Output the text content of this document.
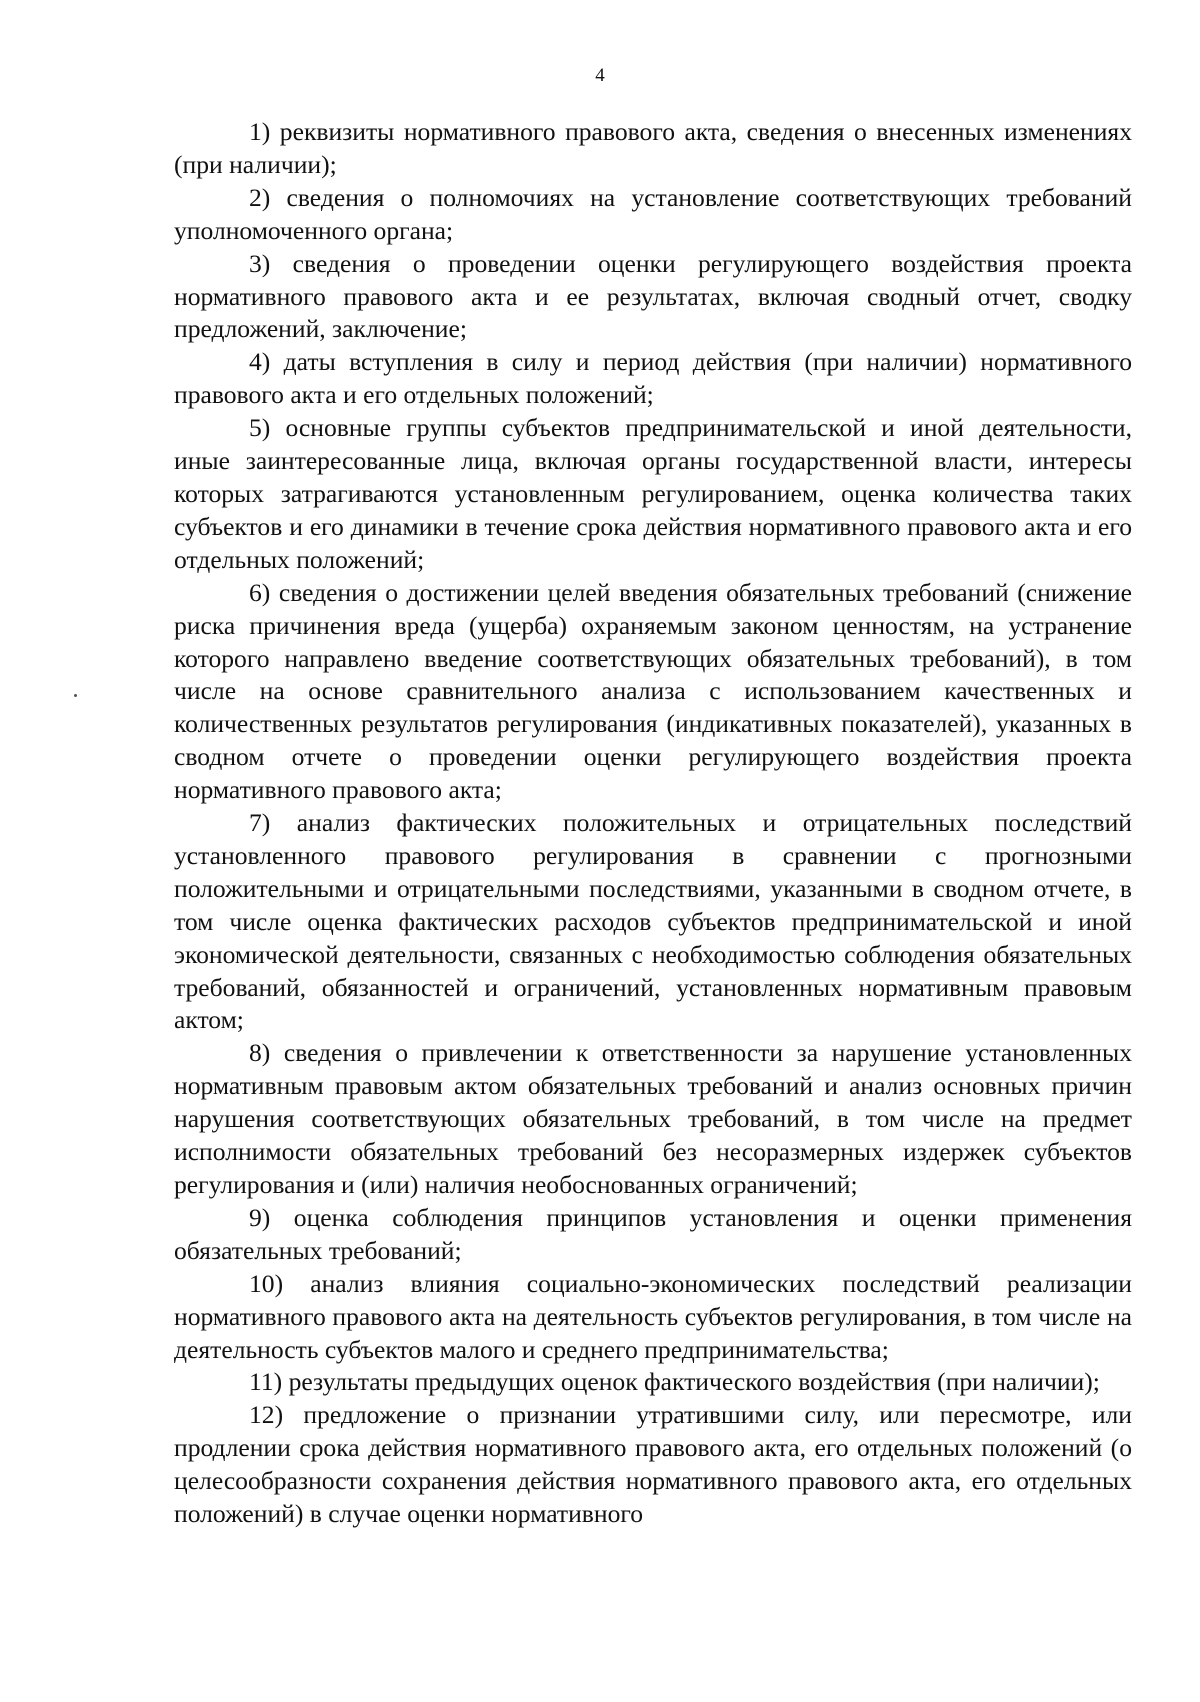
4

1) реквизиты нормативного правового акта, сведения о внесенных изменениях (при наличии);

2) сведения о полномочиях на установление соответствующих требований уполномоченного органа;

3) сведения о проведении оценки регулирующего воздействия проекта нормативного правового акта и ее результатах, включая сводный отчет, сводку предложений, заключение;

4) даты вступления в силу и период действия (при наличии) нормативного правового акта и его отдельных положений;

5) основные группы субъектов предпринимательской и иной деятельности, иные заинтересованные лица, включая органы государственной власти, интересы которых затрагиваются установленным регулированием, оценка количества таких субъектов и его динамики в течение срока действия нормативного правового акта и его отдельных положений;

6) сведения о достижении целей введения обязательных требований (снижение риска причинения вреда (ущерба) охраняемым законом ценностям, на устранение которого направлено введение соответствующих обязательных требований), в том числе на основе сравнительного анализа с использованием качественных и количественных результатов регулирования (индикативных показателей), указанных в сводном отчете о проведении оценки регулирующего воздействия проекта нормативного правового акта;

7) анализ фактических положительных и отрицательных последствий установленного правового регулирования в сравнении с прогнозными положительными и отрицательными последствиями, указанными в сводном отчете, в том числе оценка фактических расходов субъектов предпринимательской и иной экономической деятельности, связанных с необходимостью соблюдения обязательных требований, обязанностей и ограничений, установленных нормативным правовым актом;

8) сведения о привлечении к ответственности за нарушение установленных нормативным правовым актом обязательных требований и анализ основных причин нарушения соответствующих обязательных требований, в том числе на предмет исполнимости обязательных требований без несоразмерных издержек субъектов регулирования и (или) наличия необоснованных ограничений;

9) оценка соблюдения принципов установления и оценки применения обязательных требований;

10) анализ влияния социально-экономических последствий реализации нормативного правового акта на деятельность субъектов регулирования, в том числе на деятельность субъектов малого и среднего предпринимательства;

11) результаты предыдущих оценок фактического воздействия (при наличии);

12) предложение о признании утратившими силу, или пересмотре, или продлении срока действия нормативного правового акта, его отдельных положений (о целесообразности сохранения действия нормативного правового акта, его отдельных положений) в случае оценки нормативного
